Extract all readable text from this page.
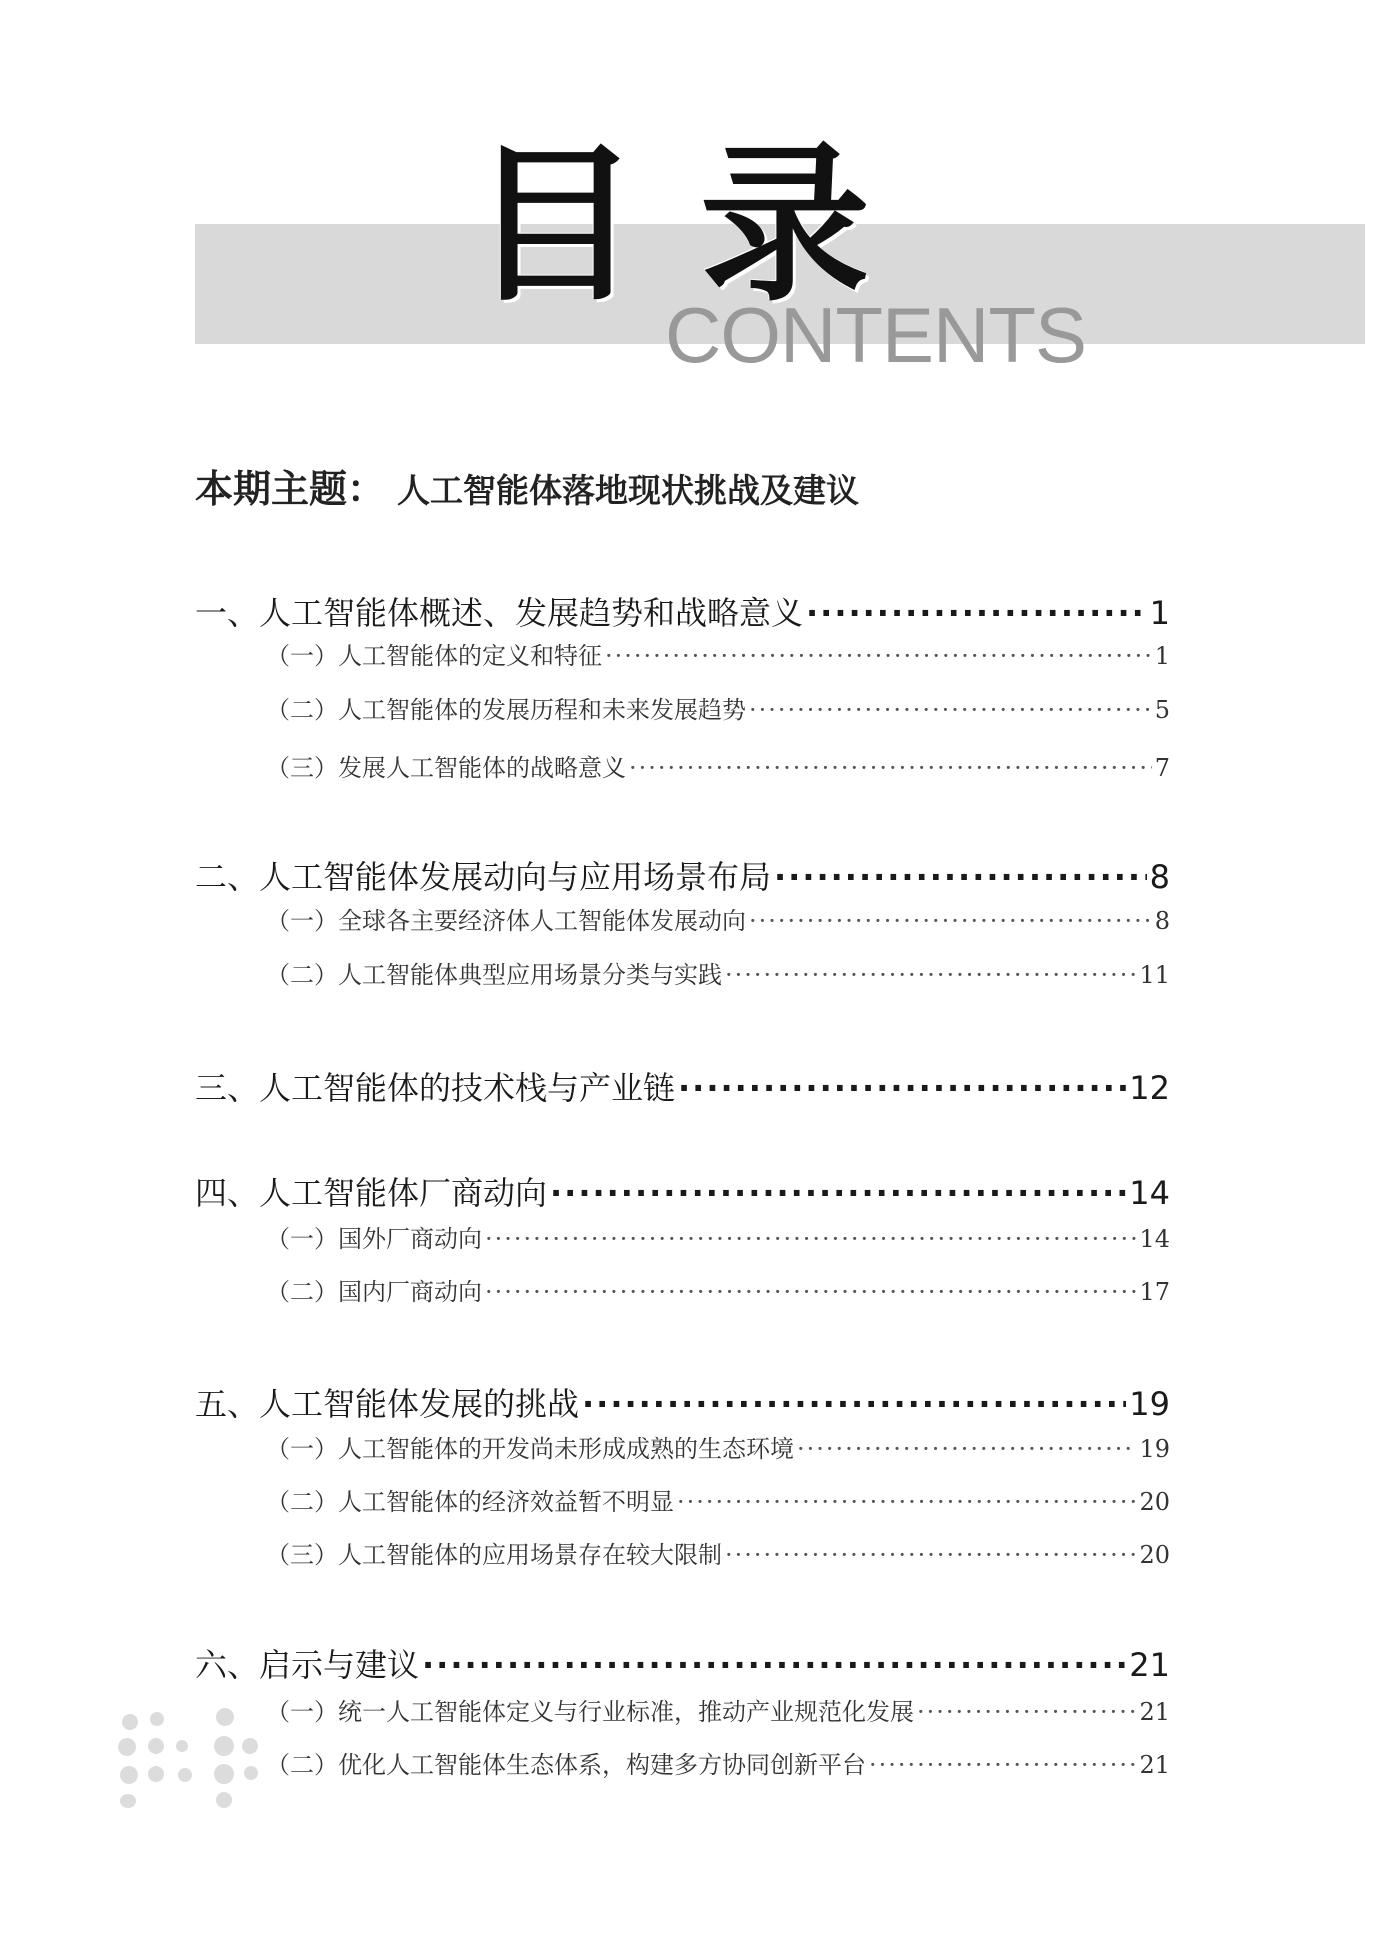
目录
CONTENTS
本期主题： 人工智能体落地现状挑战及建议
一、人工智能体概述、发展趋势和战略意义 ·····	1
（一）人工智能体的定义和特征 ·····	1
（二）人工智能体的发展历程和未来发展趋势 ·····	5
（三）发展人工智能体的战略意义 ·····	7
二、人工智能体发展动向与应用场景布局 ·····	8
（一）全球各主要经济体人工智能体发展动向 ·····	8
（二）人工智能体典型应用场景分类与实践 ·····	11
三、人工智能体的技术栈与产业链 ·····	12
四、人工智能体厂商动向 ·····	14
（一）国外厂商动向 ·····	14
（二）国内厂商动向 ·····	17
五、人工智能体发展的挑战 ·····	19
（一）人工智能体的开发尚未形成成熟的生态环境 ·····	19
（二）人工智能体的经济效益暂不明显 ·····	20
（三）人工智能体的应用场景存在较大限制 ·····	20
六、启示与建议 ·····	21
（一）统一人工智能体定义与行业标准，推动产业规范化发展 ·····	21
（二）优化人工智能体生态体系，构建多方协同创新平台 ·····	21
